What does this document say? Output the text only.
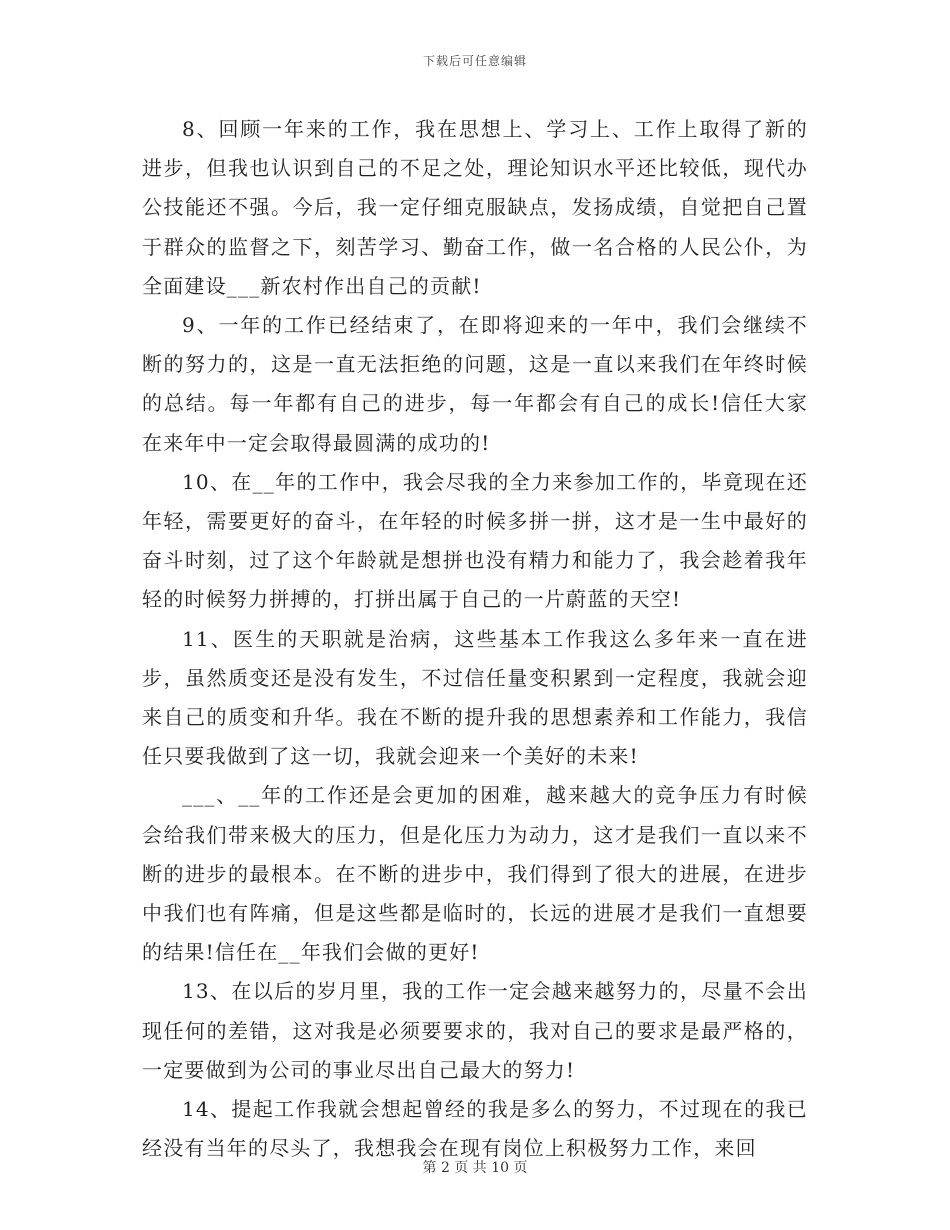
下载后可任意编辑

8、回顾一年来的工作，我在思想上、学习上、工作上取得了新的进步，但我也认识到自己的不足之处，理论知识水平还比较低，现代办公技能还不强。今后，我一定仔细克服缺点，发扬成绩，自觉把自己置于群众的监督之下，刻苦学习、勤奋工作，做一名合格的人民公仆，为全面建设___新农村作出自己的贡献!

9、一年的工作已经结束了，在即将迎来的一年中，我们会继续不断的努力的，这是一直无法拒绝的问题，这是一直以来我们在年终时候的总结。每一年都有自己的进步，每一年都会有自己的成长!信任大家在来年中一定会取得最圆满的成功的!

10、在__年的工作中，我会尽我的全力来参加工作的，毕竟现在还年轻，需要更好的奋斗，在年轻的时候多拼一拼，这才是一生中最好的奋斗时刻，过了这个年龄就是想拼也没有精力和能力了，我会趁着我年轻的时候努力拼搏的，打拼出属于自己的一片蔚蓝的天空!

11、医生的天职就是治病，这些基本工作我这么多年来一直在进步，虽然质变还是没有发生，不过信任量变积累到一定程度，我就会迎来自己的质变和升华。我在不断的提升我的思想素养和工作能力，我信任只要我做到了这一切，我就会迎来一个美好的未来!

___、__年的工作还是会更加的困难，越来越大的竞争压力有时候会给我们带来极大的压力，但是化压力为动力，这才是我们一直以来不断的进步的最根本。在不断的进步中，我们得到了很大的进展，在进步中我们也有阵痛，但是这些都是临时的，长远的进展才是我们一直想要的结果!信任在__年我们会做的更好!

13、在以后的岁月里，我的工作一定会越来越努力的，尽量不会出现任何的差错，这对我是必须要要求的，我对自己的要求是最严格的，一定要做到为公司的事业尽出自己最大的努力!

14、提起工作我就会想起曾经的我是多么的努力，不过现在的我已经没有当年的尽头了，我想我会在现有岗位上积极努力工作，来回

第 2 页 共 10 页
